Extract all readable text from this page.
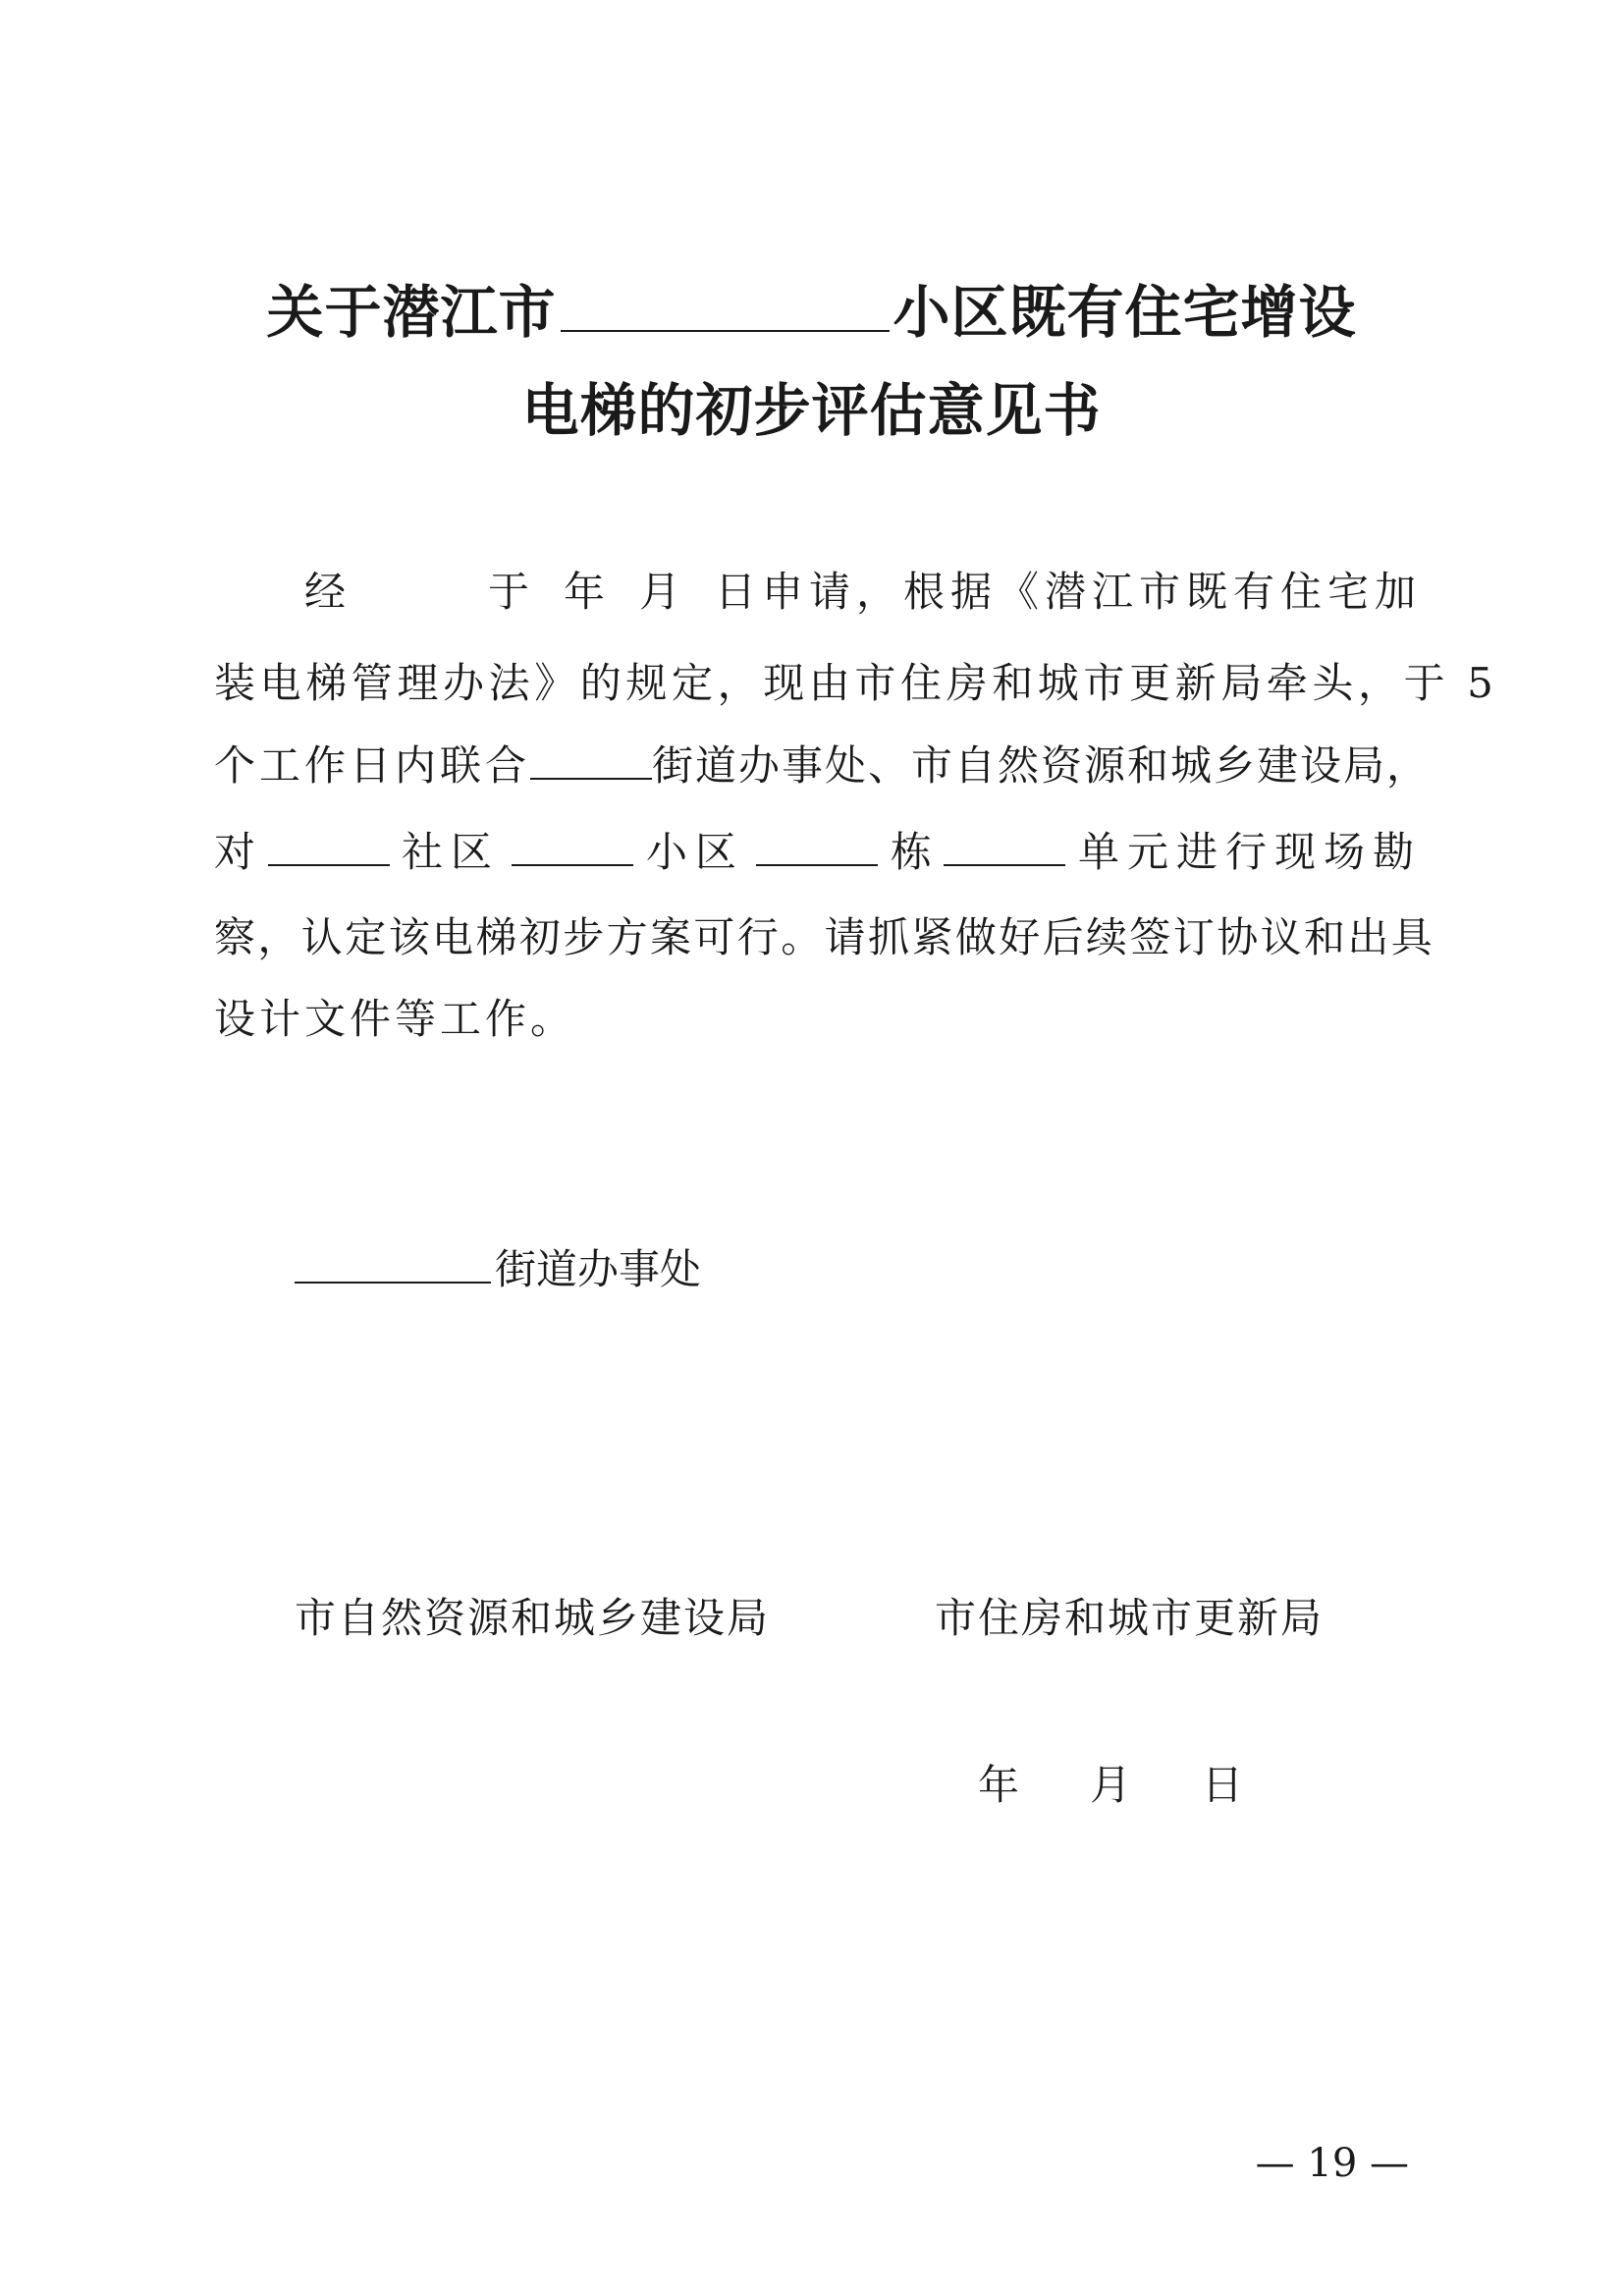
关于潜江市	小区既有住宅增设
电梯的初步评估意见书
经	于 年 月 日申请，根据《潜江市既有住宅加
装电梯管理办法》的规定，现由市住房和城市更新局牵头，于 5
个工作日内联合	街道办事处、市自然资源和城乡建设局，
对	社区	小区	栋	单元进行现场勘
察，认定该电梯初步方案可行。请抓紧做好后续签订协议和出具
设计文件等工作。
街道办事处
市自然资源和城乡建设局	市住房和城市更新局
年 月 日
— 19 —
